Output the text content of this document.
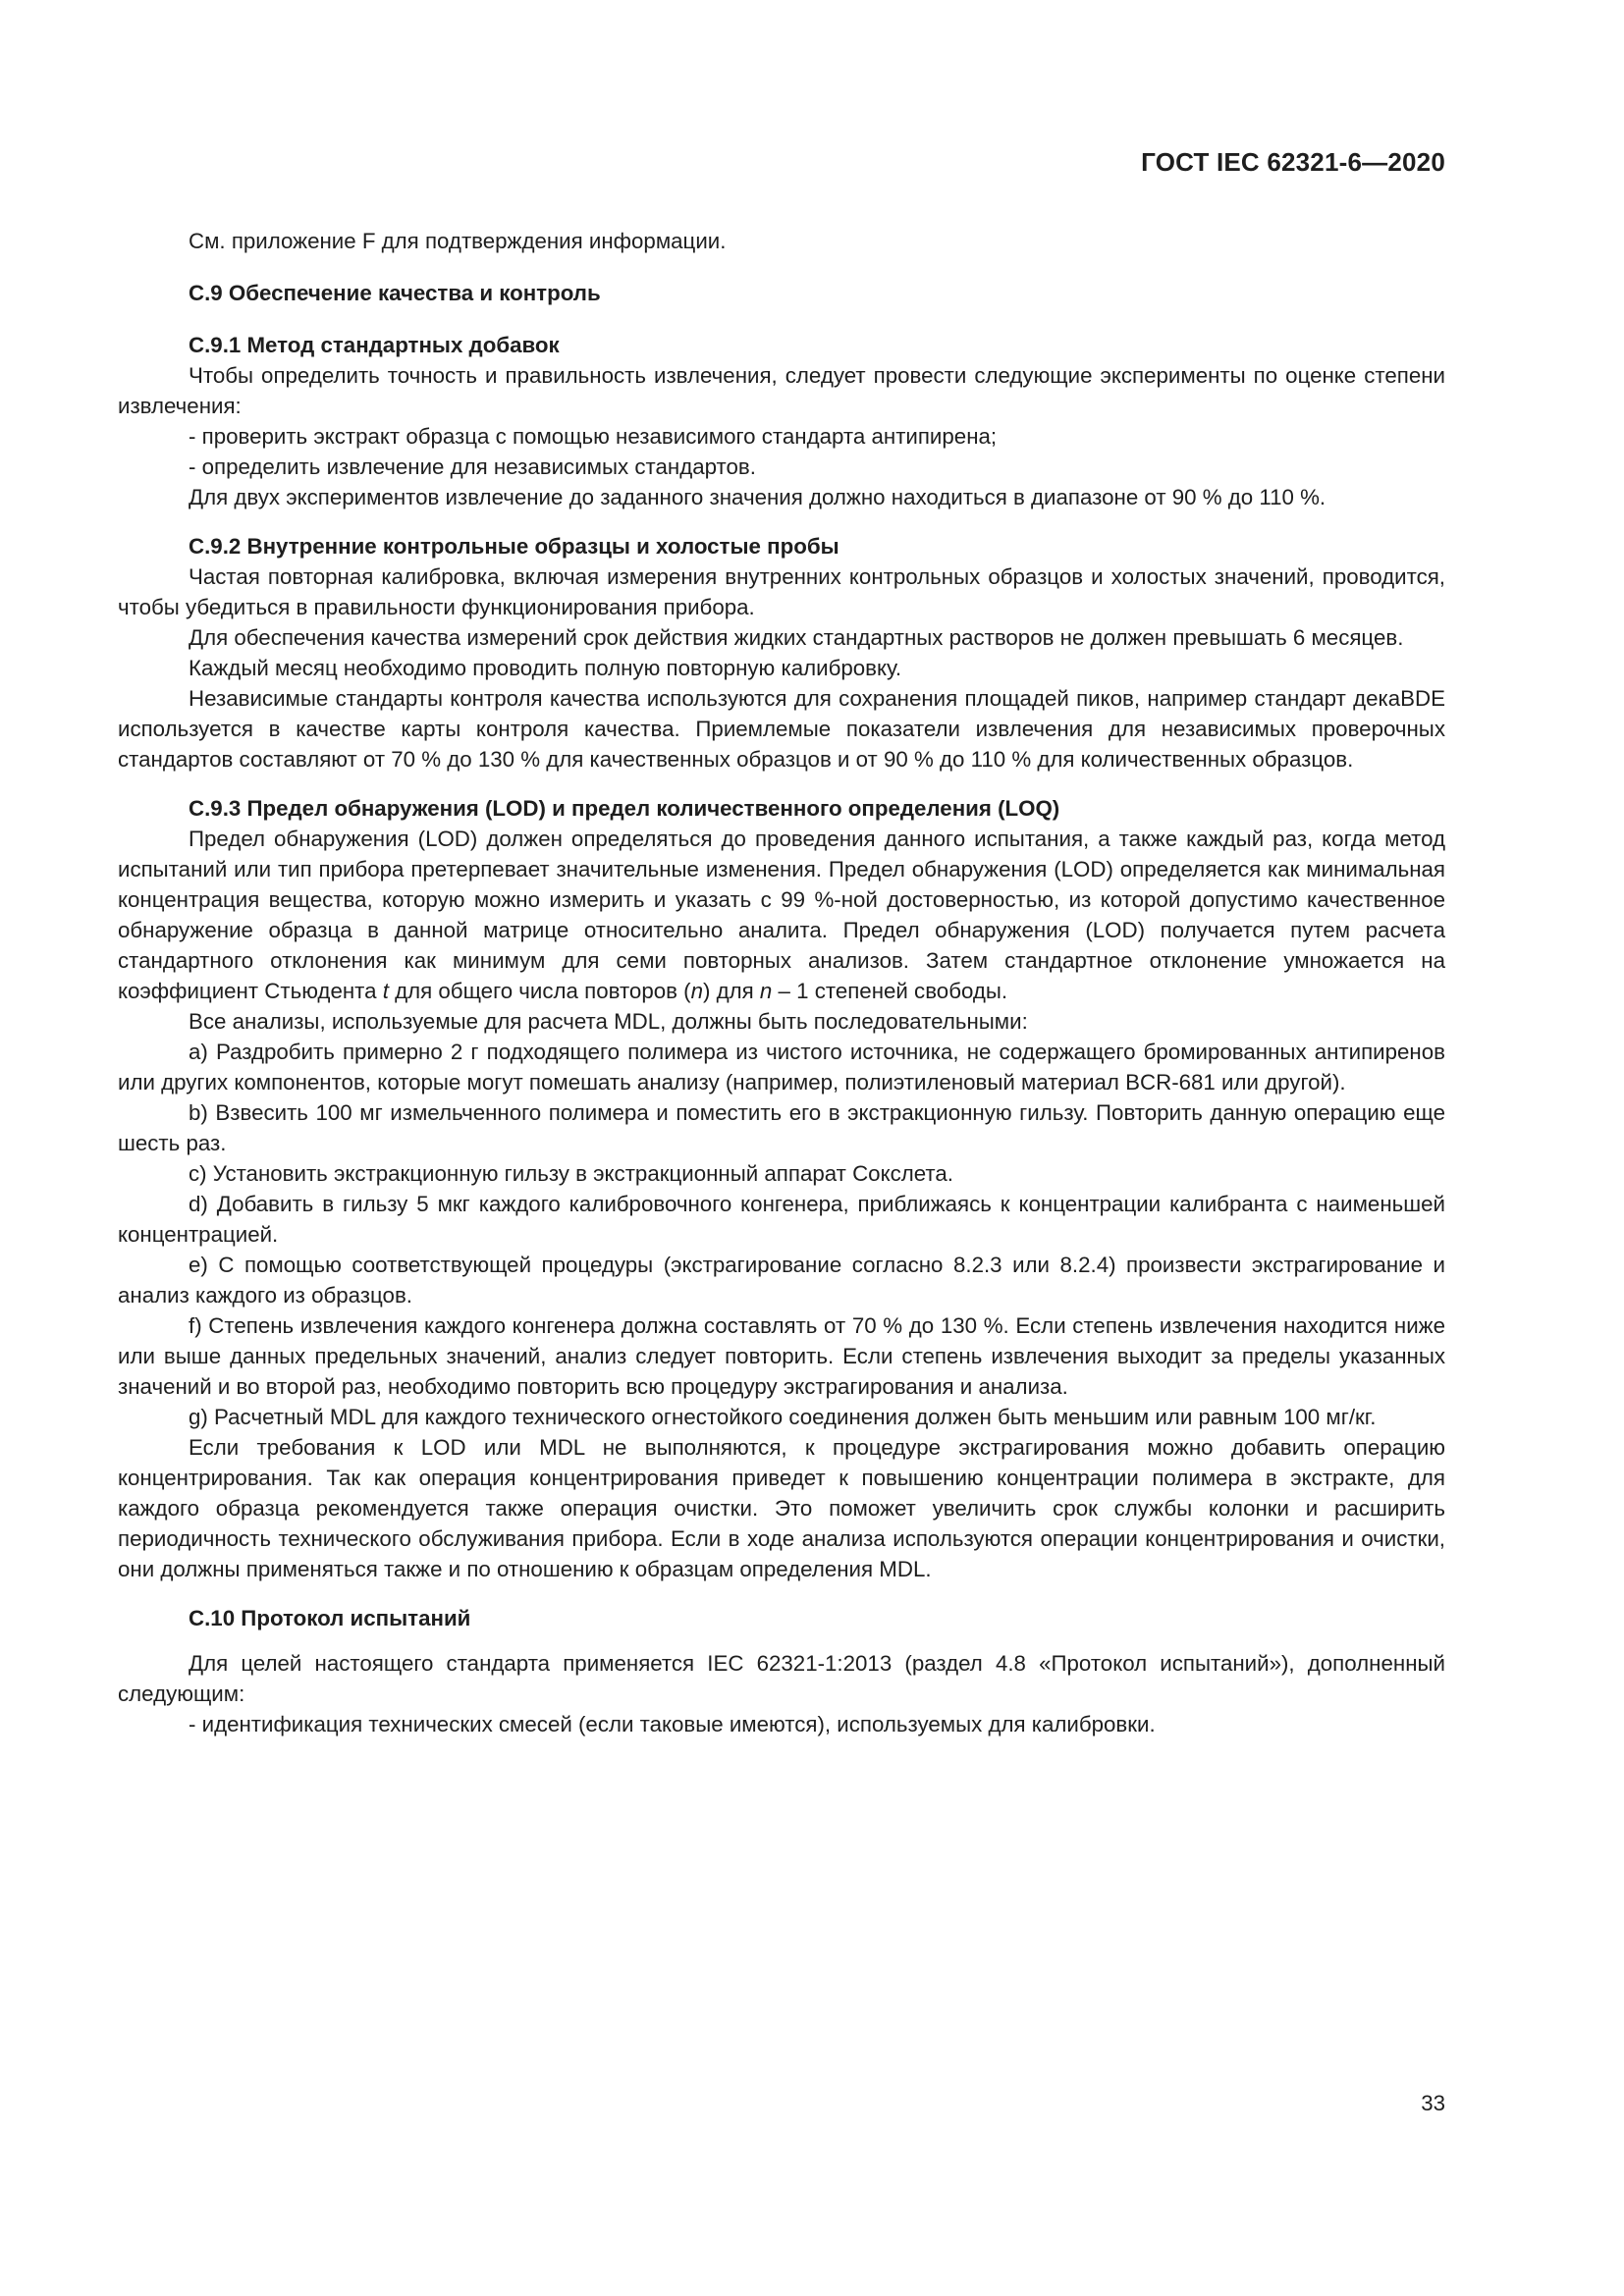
ГОСТ IEC 62321-6—2020

См. приложение F для подтверждения информации.

C.9 Обеспечение качества и контроль
C.9.1 Метод стандартных добавок

Чтобы определить точность и правильность извлечения, следует провести следующие эксперименты по оценке степени извлечения:

- проверить экстракт образца с помощью независимого стандарта антипирена;

- определить извлечение для независимых стандартов.

Для двух экспериментов извлечение до заданного значения должно находиться в диапазоне от 90 % до 110 %.

C.9.2 Внутренние контрольные образцы и холостые пробы

Частая повторная калибровка, включая измерения внутренних контрольных образцов и холостых значений, проводится, чтобы убедиться в правильности функционирования прибора.

Для обеспечения качества измерений срок действия жидких стандартных растворов не должен превышать 6 месяцев.

Каждый месяц необходимо проводить полную повторную калибровку.

Независимые стандарты контроля качества используются для сохранения площадей пиков, например стандарт декаBDE используется в качестве карты контроля качества. Приемлемые показатели извлечения для независимых проверочных стандартов составляют от 70 % до 130 % для качественных образцов и от 90 % до 110 % для количественных образцов.

C.9.3 Предел обнаружения (LOD) и предел количественного определения (LOQ)

Предел обнаружения (LOD) должен определяться до проведения данного испытания, а также каждый раз, когда метод испытаний или тип прибора претерпевает значительные изменения. Предел обнаружения (LOD) определяется как минимальная концентрация вещества, которую можно измерить и указать с 99 %-ной достоверностью, из которой допустимо качественное обнаружение образца в данной матрице относительно аналита. Предел обнаружения (LOD) получается путем расчета стандартного отклонения как минимум для семи повторных анализов. Затем стандартное отклонение умножается на коэффициент Стьюдента t для общего числа повторов (n) для n – 1 степеней свободы.

Все анализы, используемые для расчета MDL, должны быть последовательными:

a) Раздробить примерно 2 г подходящего полимера из чистого источника, не содержащего бромированных антипиренов или других компонентов, которые могут помешать анализу (например, полиэтиленовый материал BCR-681 или другой).

b) Взвесить 100 мг измельченного полимера и поместить его в экстракционную гильзу. Повторить данную операцию еще шесть раз.

c) Установить экстракционную гильзу в экстракционный аппарат Сокслета.

d) Добавить в гильзу 5 мкг каждого калибровочного конгенера, приближаясь к концентрации калибранта с наименьшей концентрацией.

e) С помощью соответствующей процедуры (экстрагирование согласно 8.2.3 или 8.2.4) произвести экстрагирование и анализ каждого из образцов.

f) Степень извлечения каждого конгенера должна составлять от 70 % до 130 %. Если степень извлечения находится ниже или выше данных предельных значений, анализ следует повторить. Если степень извлечения выходит за пределы указанных значений и во второй раз, необходимо повторить всю процедуру экстрагирования и анализа.

g) Расчетный MDL для каждого технического огнестойкого соединения должен быть меньшим или равным 100 мг/кг.

Если требования к LOD или MDL не выполняются, к процедуре экстрагирования можно добавить операцию концентрирования. Так как операция концентрирования приведет к повышению концентрации полимера в экстракте, для каждого образца рекомендуется также операция очистки. Это поможет увеличить срок службы колонки и расширить периодичность технического обслуживания прибора. Если в ходе анализа используются операции концентрирования и очистки, они должны применяться также и по отношению к образцам определения MDL.

C.10 Протокол испытаний

Для целей настоящего стандарта применяется IEC 62321-1:2013 (раздел 4.8 «Протокол испытаний»), дополненный следующим:

- идентификация технических смесей (если таковые имеются), используемых для калибровки.

33
